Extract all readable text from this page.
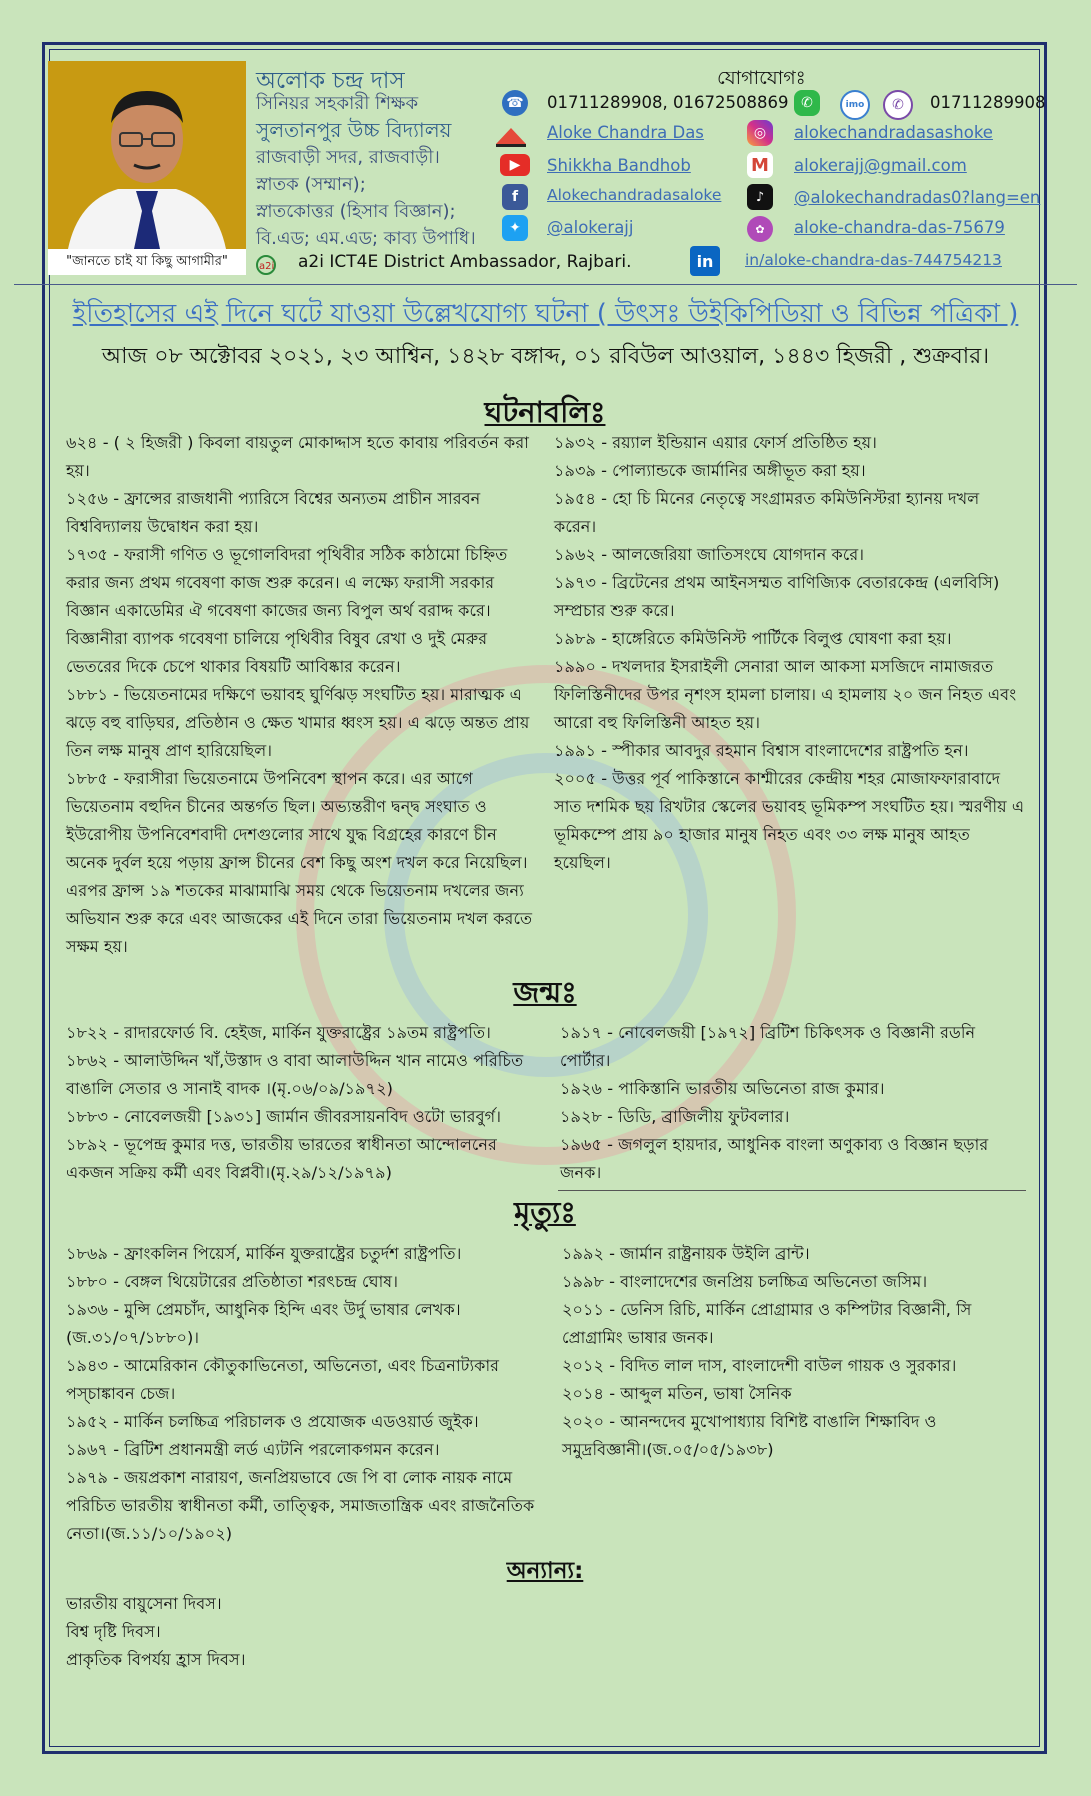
"জানতে চাই যা কিছু আগামীর"
অলোক চন্দ্র দাস
সিনিয়র সহকারী শিক্ষক
সুলতানপুর উচ্চ বিদ্যালয়
রাজবাড়ী সদর, রাজবাড়ী।
স্নাতক (সম্মান);
স্নাতকোত্তর (হিসাব বিজ্ঞান);
বি.এড; এম.এড; কাব্য উপাধি।
a2i a2i ICT4E District Ambassador, Rajbari.
যোগাযোগঃ
☎ 01711289908, 01672508869 ✆	imo	✆	01711289908
Aloke Chandra Das	◎	alokechandradasashoke
▶	Shikkha Bandhob	M alokerajj@gmail.com
f	Alokechandradasaloke	♪	@alokechandradas0?lang=en
✦	@alokerajj	✿	aloke-chandra-das-75679
in	in/aloke-chandra-das-744754213
ইতিহাসের এই দিনে ঘটে যাওয়া উল্লেখযোগ্য ঘটনা ( উৎসঃ উইকিপিডিয়া ও বিভিন্ন পত্রিকা )
আজ ০৮ অক্টোবর ২০২১, ২৩ আশ্বিন, ১৪২৮ বঙ্গাব্দ, ০১ রবিউল আওয়াল, ১৪৪৩ হিজরী , শুক্রবার।
ঘটনাবলিঃ

৬২৪ - ( ২ হিজরী ) কিবলা বায়তুল মোকাদ্দাস হতে কাবায় পরিবর্তন করা হয়।

১২৫৬ - ফ্রান্সের রাজধানী প্যারিসে বিশ্বের অন্যতম প্রাচীন সারবন বিশ্ববিদ্যালয় উদ্বোধন করা হয়।

১৭৩৫ - ফরাসী গণিত ও ভূগোলবিদরা পৃথিবীর সঠিক কাঠামো চিহ্নিত করার জন্য প্রথম গবেষণা কাজ শুরু করেন। এ লক্ষ্যে ফরাসী সরকার বিজ্ঞান একাডেমির ঐ গবেষণা কাজের জন্য বিপুল অর্থ বরাদ্দ করে। বিজ্ঞানীরা ব্যাপক গবেষণা চালিয়ে পৃথিবীর বিষুব রেখা ও দুই মেরুর ভেতরের দিকে চেপে থাকার বিষয়টি আবিষ্কার করেন।

১৮৮১ - ভিয়েতনামের দক্ষিণে ভয়াবহ ঘুর্ণিঝড় সংঘটিত হয়। মারাত্মক এ ঝড়ে বহু বাড়িঘর, প্রতিষ্ঠান ও ক্ষেত খামার ধ্বংস হয়। এ ঝড়ে অন্তত প্রায় তিন লক্ষ মানুষ প্রাণ হারিয়েছিল।

১৮৮৫ - ফরাসীরা ভিয়েতনামে উপনিবেশ স্থাপন করে। এর আগে ভিয়েতনাম বহুদিন চীনের অন্তর্গত ছিল। অভ্যন্তরীণ দ্বন্দ্ব সংঘাত ও ইউরোপীয় উপনিবেশবাদী দেশগুলোর সাথে যুদ্ধ বিগ্রহের কারণে চীন অনেক দুর্বল হয়ে পড়ায় ফ্রান্স চীনের বেশ কিছু অংশ দখল করে নিয়েছিল। এরপর ফ্রান্স ১৯ শতকের মাঝামাঝি সময় থেকে ভিয়েতনাম দখলের জন্য অভিযান শুরু করে এবং আজকের এই দিনে তারা ভিয়েতনাম দখল করতে সক্ষম হয়।

১৯৩২ - রয়্যাল ইন্ডিয়ান এয়ার ফোর্স প্রতিষ্ঠিত হয়।

১৯৩৯ - পোল্যান্ডকে জার্মানির অঙ্গীভূত করা হয়।

১৯৫৪ - হো চি মিনের নেতৃত্বে সংগ্রামরত কমিউনিস্টরা হ্যানয় দখল করেন।

১৯৬২ - আলজেরিয়া জাতিসংঘে যোগদান করে।

১৯৭৩ - ব্রিটেনের প্রথম আইনসম্মত বাণিজ্যিক বেতারকেন্দ্র (এলবিসি) সম্প্রচার শুরু করে।

১৯৮৯ - হাঙ্গেরিতে কমিউনিস্ট পার্টিকে বিলুপ্ত ঘোষণা করা হয়।

১৯৯০ - দখলদার ইসরাইলী সেনারা আল আকসা মসজিদে নামাজরত ফিলিস্তিনীদের উপর নৃশংস হামলা চালায়। এ হামলায় ২০ জন নিহত এবং আরো বহু ফিলিস্তিনী আহত হয়।

১৯৯১ - স্পীকার আবদুর রহমান বিশ্বাস বাংলাদেশের রাষ্ট্রপতি হন।

২০০৫ - উত্তর পূর্ব পাকিস্তানে কাশ্মীরের কেন্দ্রীয় শহর মোজাফফারাবাদে সাত দশমিক ছয় রিখটার স্কেলের ভয়াবহ ভূমিকম্প সংঘটিত হয়। স্মরণীয় এ ভূমিকম্পে প্রায় ৯০ হাজার মানুষ নিহত এবং ৩৩ লক্ষ মানুষ আহত হয়েছিল।

জন্মঃ

১৮২২ - রাদারফোর্ড বি. হেইজ, মার্কিন যুক্তরাষ্ট্রের ১৯তম রাষ্ট্রপতি।

১৮৬২ - আলাউদ্দিন খাঁ,উস্তাদ ও বাবা আলাউদ্দিন খান নামেও পরিচিত বাঙালি সেতার ও সানাই বাদক ।(মৃ.০৬/০৯/১৯৭২)

১৮৮৩ - নোবেলজয়ী [১৯৩১] জার্মান জীবরসায়নবিদ ওটো ভারবুর্গ।

১৮৯২ - ভূপেন্দ্র কুমার দত্ত, ভারতীয় ভারতের স্বাধীনতা আন্দোলনের একজন সক্রিয় কর্মী এবং বিপ্লবী।(মৃ.২৯/১২/১৯৭৯)

১৯১৭ - নোবেলজয়ী [১৯৭২] ব্রিটিশ চিকিৎসক ও বিজ্ঞানী রডনি পোর্টার।

১৯২৬ - পাকিস্তানি ভারতীয় অভিনেতা রাজ কুমার।

১৯২৮ - ডিডি, ব্রাজিলীয় ফুটবলার।

১৯৬৫ - জগলুল হায়দার, আধুনিক বাংলা অণুকাব্য ও বিজ্ঞান ছড়ার জনক।

মৃত্যুঃ

১৮৬৯ - ফ্রাংকলিন পিয়ের্স, মার্কিন যুক্তরাষ্ট্রের চতুর্দশ রাষ্ট্রপতি।

১৮৮০ - বেঙ্গল থিয়েটারের প্রতিষ্ঠাতা শরৎচন্দ্র ঘোষ।

১৯৩৬ - মুন্সি প্রেমচাঁদ, আধুনিক হিন্দি এবং উর্দু ভাষার লেখক।(জ.৩১/০৭/১৮৮০)।

১৯৪৩ - আমেরিকান কৌতুকাভিনেতা, অভিনেতা, এবং চিত্রনাট্যকার পস্চাঙ্কাবন চেজ।

১৯৫২ - মার্কিন চলচ্চিত্র পরিচালক ও প্রযোজক এডওয়ার্ড জুইক।

১৯৬৭ - ব্রিটিশ প্রধানমন্ত্রী লর্ড এ্যটনি পরলোকগমন করেন।

১৯৭৯ - জয়প্রকাশ নারায়ণ, জনপ্রিয়ভাবে জে পি বা লোক নায়ক নামে পরিচিত ভারতীয় স্বাধীনতা কর্মী, তাত্ত্বিক, সমাজতান্ত্রিক এবং রাজনৈতিক নেতা।(জ.১১/১০/১৯০২)

১৯৯২ - জার্মান রাষ্ট্রনায়ক উইলি ব্রান্ট।

১৯৯৮ - বাংলাদেশের জনপ্রিয় চলচ্চিত্র অভিনেতা জসিম।

২০১১ - ডেনিস রিচি, মার্কিন প্রোগ্রামার ও কম্পিটার বিজ্ঞানী, সি প্রোগ্রামিং ভাষার জনক।

২০১২ - বিদিত লাল দাস, বাংলাদেশী বাউল গায়ক ও সুরকার।

২০১৪ - আব্দুল মতিন, ভাষা সৈনিক

২০২০ - আনন্দদেব মুখোপাধ্যায় বিশিষ্ট বাঙালি শিক্ষাবিদ ও সমুদ্রবিজ্ঞানী।(জ.০৫/০৫/১৯৩৮)

অন্যান্য:

ভারতীয় বায়ুসেনা দিবস।

বিশ্ব দৃষ্টি দিবস।

প্রাকৃতিক বিপর্যয় হ্রাস দিবস।
